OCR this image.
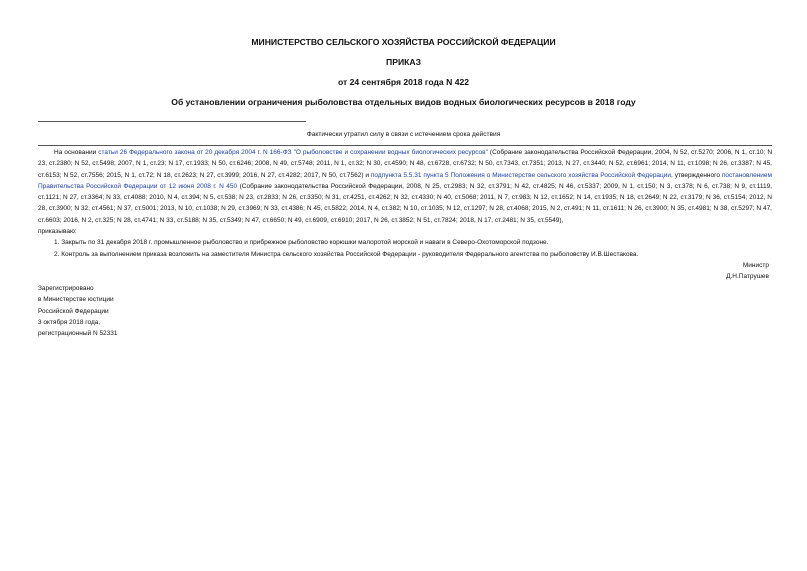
МИНИСТЕРСТВО СЕЛЬСКОГО ХОЗЯЙСТВА РОССИЙСКОЙ ФЕДЕРАЦИИ
ПРИКАЗ
от 24 сентября 2018 года N 422
Об установлении ограничения рыболовства отдельных видов водных биологических ресурсов в 2018 году
Фактически утратил силу в связи с истечением срока действия

На основании статьи 26 Федерального закона от 20 декабря 2004 г. N 166-ФЗ "О рыболовстве и сохранении водных биологических ресурсов" (Собрание законодательства Российской Федерации, 2004, N 52, ст.5270; 2006, N 1, ст.10; N 23, ст.2380; N 52, ст.5498; 2007, N 1, ст.23; N 17, ст.1933; N 50, ст.6246; 2008, N 49, ст.5748; 2011, N 1, ст.32; N 30, ст.4590; N 48, ст.6728, ст.6732; N 50, ст.7343, ст.7351; 2013, N 27, ст.3440; N 52, ст.6961; 2014, N 11, ст.1098; N 26, ст.3387; N 45, ст.6153; N 52, ст.7556; 2015, N 1, ст.72; N 18, ст.2623; N 27, ст.3999; 2016, N 27, ст.4282; 2017, N 50, ст.7562) и подпункта 5.5.31 пункта 5 Положения о Министерстве сельского хозяйства Российской Федерации, утвержденного постановлением Правительства Российской Федерации от 12 июня 2008 г. N 450 (Собрание законодательства Российской Федерации, 2008, N 25, ст.2983; N 32, ст.3791; N 42, ст.4825; N 46, ст.5337; 2009, N 1, ст.150; N 3, ст.378; N 6, ст.738; N 9, ст.1119, ст.1121; N 27, ст.3364; N 33, ст.4088; 2010, N 4, ст.394; N 5, ст.538; N 23, ст.2833; N 26, ст.3350; N 31, ст.4251, ст.4262; N 32, ст.4330; N 40, ст.5068; 2011, N 7, ст.983; N 12, ст.1652; N 14, ст.1935; N 18, ст.2649; N 22, ст.3179; N 36, ст.5154; 2012, N 28, ст.3900; N 32, ст.4561; N 37, ст.5001; 2013, N 10, ст.1038; N 29, ст.3969; N 33, ст.4386; N 45, ст.5822; 2014, N 4, ст.382; N 10, ст.1035; N 12, ст.1297; N 28, ст.4068; 2015, N 2, ст.491; N 11, ст.1611; N 26, ст.3900; N 35, ст.4981; N 38, ст.5297; N 47, ст.6603; 2016, N 2, ст.325; N 28, ст.4741; N 33, ст.5188; N 35, ст.5349; N 47, ст.6650; N 49, ст.6909, ст.6910; 2017, N 26, ст.3852; N 51, ст.7824; 2018, N 17, ст.2481; N 35, ст.5549),

приказываю:

1. Закрыть по 31 декабря 2018 г. промышленное рыболовство и прибрежное рыболовство корюшки малоротой морской и наваги в Северо-Охотоморской подзоне.

2. Контроль за выполнением приказа возложить на заместителя Министра сельского хозяйства Российской Федерации - руководителя Федерального агентства по рыболовству И.В.Шестакова.

Министр
Д.Н.Патрушев
Зарегистрировано
в Министерстве юстиции
Российской Федерации
3 октября 2018 года,
регистрационный N 52331
